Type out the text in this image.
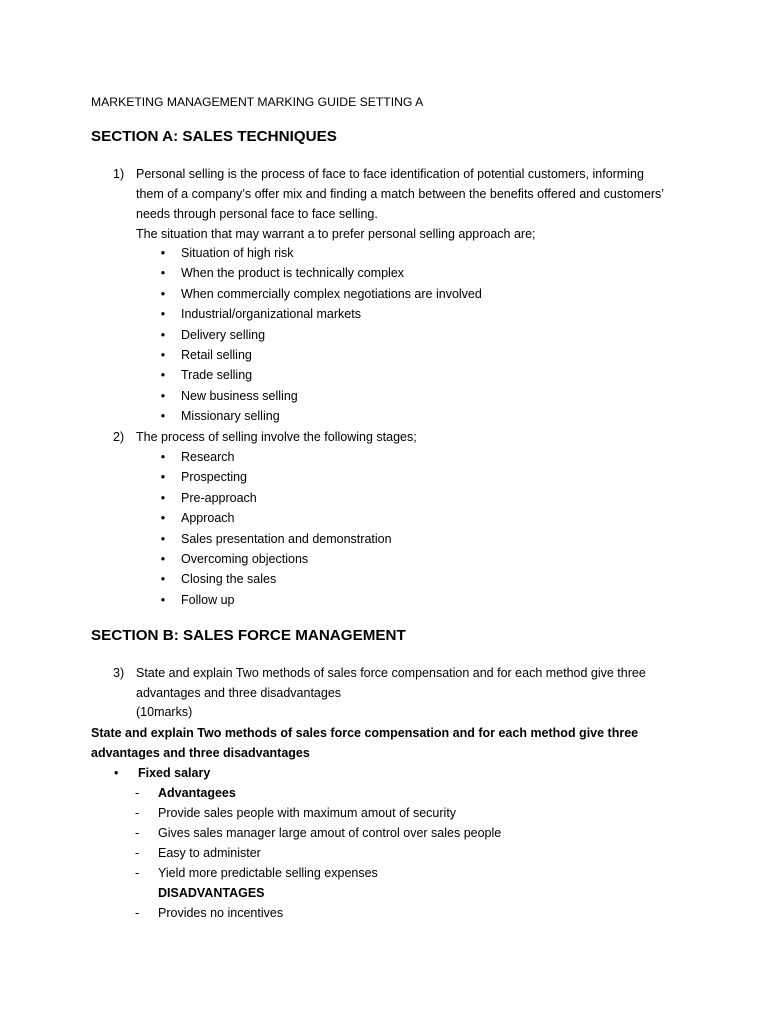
MARKETING MANAGEMENT MARKING GUIDE SETTING A
SECTION A: SALES TECHNIQUES
1) Personal selling is the process of face to face identification of potential customers, informing
them of a company’s offer mix and finding a match between the benefits offered and customers’
needs through personal face to face selling.
The situation that may warrant a to prefer personal selling approach are;
• Situation of high risk
• When the product is technically complex
• When commercially complex negotiations are involved
• Industrial/organizational markets
• Delivery selling
• Retail selling
• Trade selling
• New business selling
• Missionary selling
2) The process of selling involve the following stages;
• Research
• Prospecting
• Pre-approach
• Approach
• Sales presentation and demonstration
• Overcoming objections
• Closing the sales
• Follow up
SECTION B: SALES FORCE MANAGEMENT
3) State and explain Two methods of sales force compensation and for each method give three
advantages and three disadvantages
(10marks)
State and explain Two methods of sales force compensation and for each method give three
advantages and three disadvantages
• Fixed salary
- Advantagees
- Provide sales people with maximum amout of security
- Gives sales manager large amout of control over sales people
- Easy to administer
- Yield more predictable selling expenses
DISADVANTAGES
- Provides no incentives
